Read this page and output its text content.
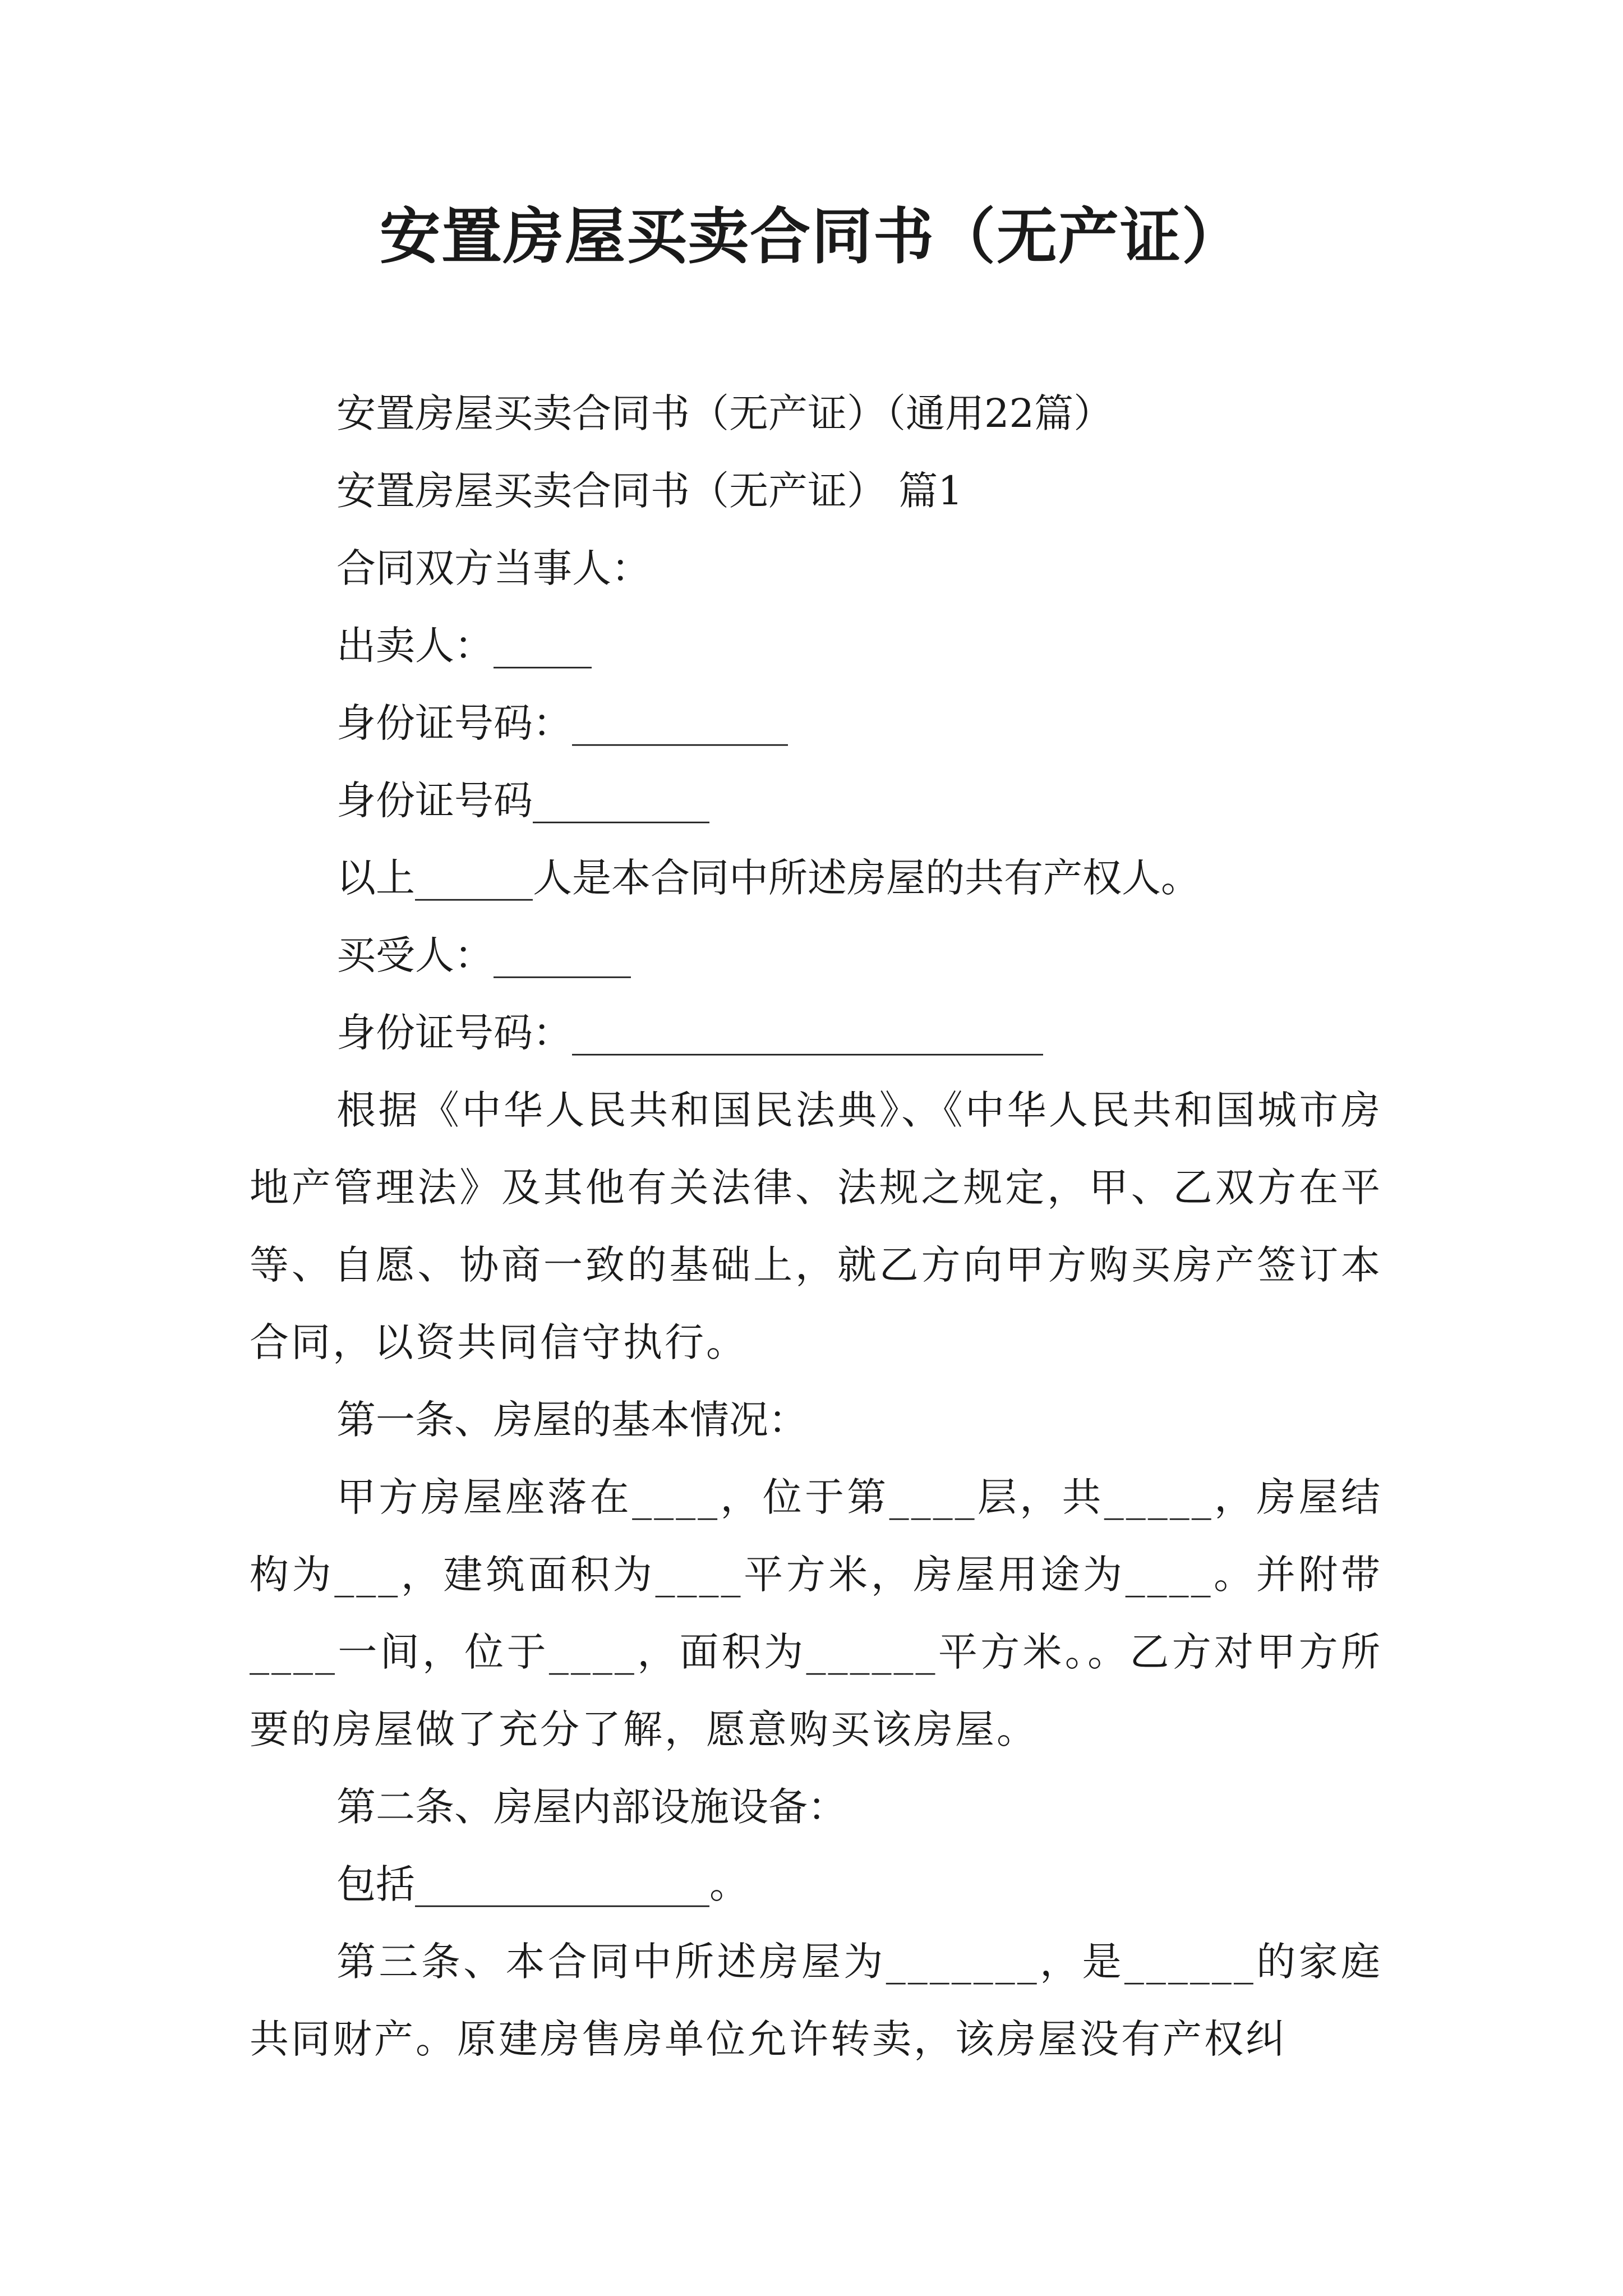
安置房屋买卖合同书（无产证）

安置房屋买卖合同书（无产证）（通用22篇）

安置房屋买卖合同书（无产证） 篇1

合同双方当事人：

出卖人：_____

身份证号码：___________

身份证号码_________

以上______人是本合同中所述房屋的共有产权人。

买受人：_______

身份证号码：________________________

根据《中华人民共和国民法典》、《中华人民共和国城市房地产管理法》及其他有关法律、法规之规定，甲、乙双方在平等、自愿、协商一致的基础上，就乙方向甲方购买房产签订本合同，以资共同信守执行。

第一条、房屋的基本情况：

甲方房屋座落在____，位于第____层，共_____，房屋结构为___，建筑面积为____平方米，房屋用途为____。并附带____一间，位于____，面积为______平方米。。乙方对甲方所要的房屋做了充分了解，愿意购买该房屋。

第二条、房屋内部设施设备：

包括_______________。

第三条、本合同中所述房屋为_______，是______的家庭共同财产。原建房售房单位允许转卖，该房屋没有产权纠
